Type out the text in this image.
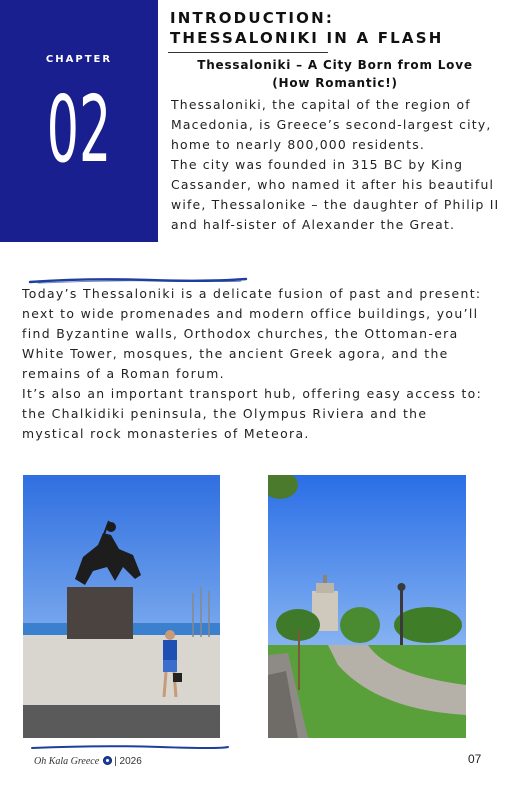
CHAPTER
02
INTRODUCTION:
THESSALONIKI IN A FLASH
Thessaloniki – A City Born from Love
(How Romantic!)

Thessaloniki, the capital of the region of Macedonia, is Greece’s second-largest city, home to nearly 800,000 residents.

The city was founded in 315 BC by King Cassander, who named it after his beautiful wife, Thessalonike – the daughter of Philip II and half-sister of Alexander the Great.

Today’s Thessaloniki is a delicate fusion of past and present: next to wide promenades and modern office buildings, you’ll find Byzantine walls, Orthodox churches, the Ottoman-era White Tower, mosques, the ancient Greek agora, and the remains of a Roman forum.

It’s also an important transport hub, offering easy access to: the Chalkidiki peninsula, the Olympus Riviera and the mystical rock monasteries of Meteora.

Oh Kala Greece | 2026	07
